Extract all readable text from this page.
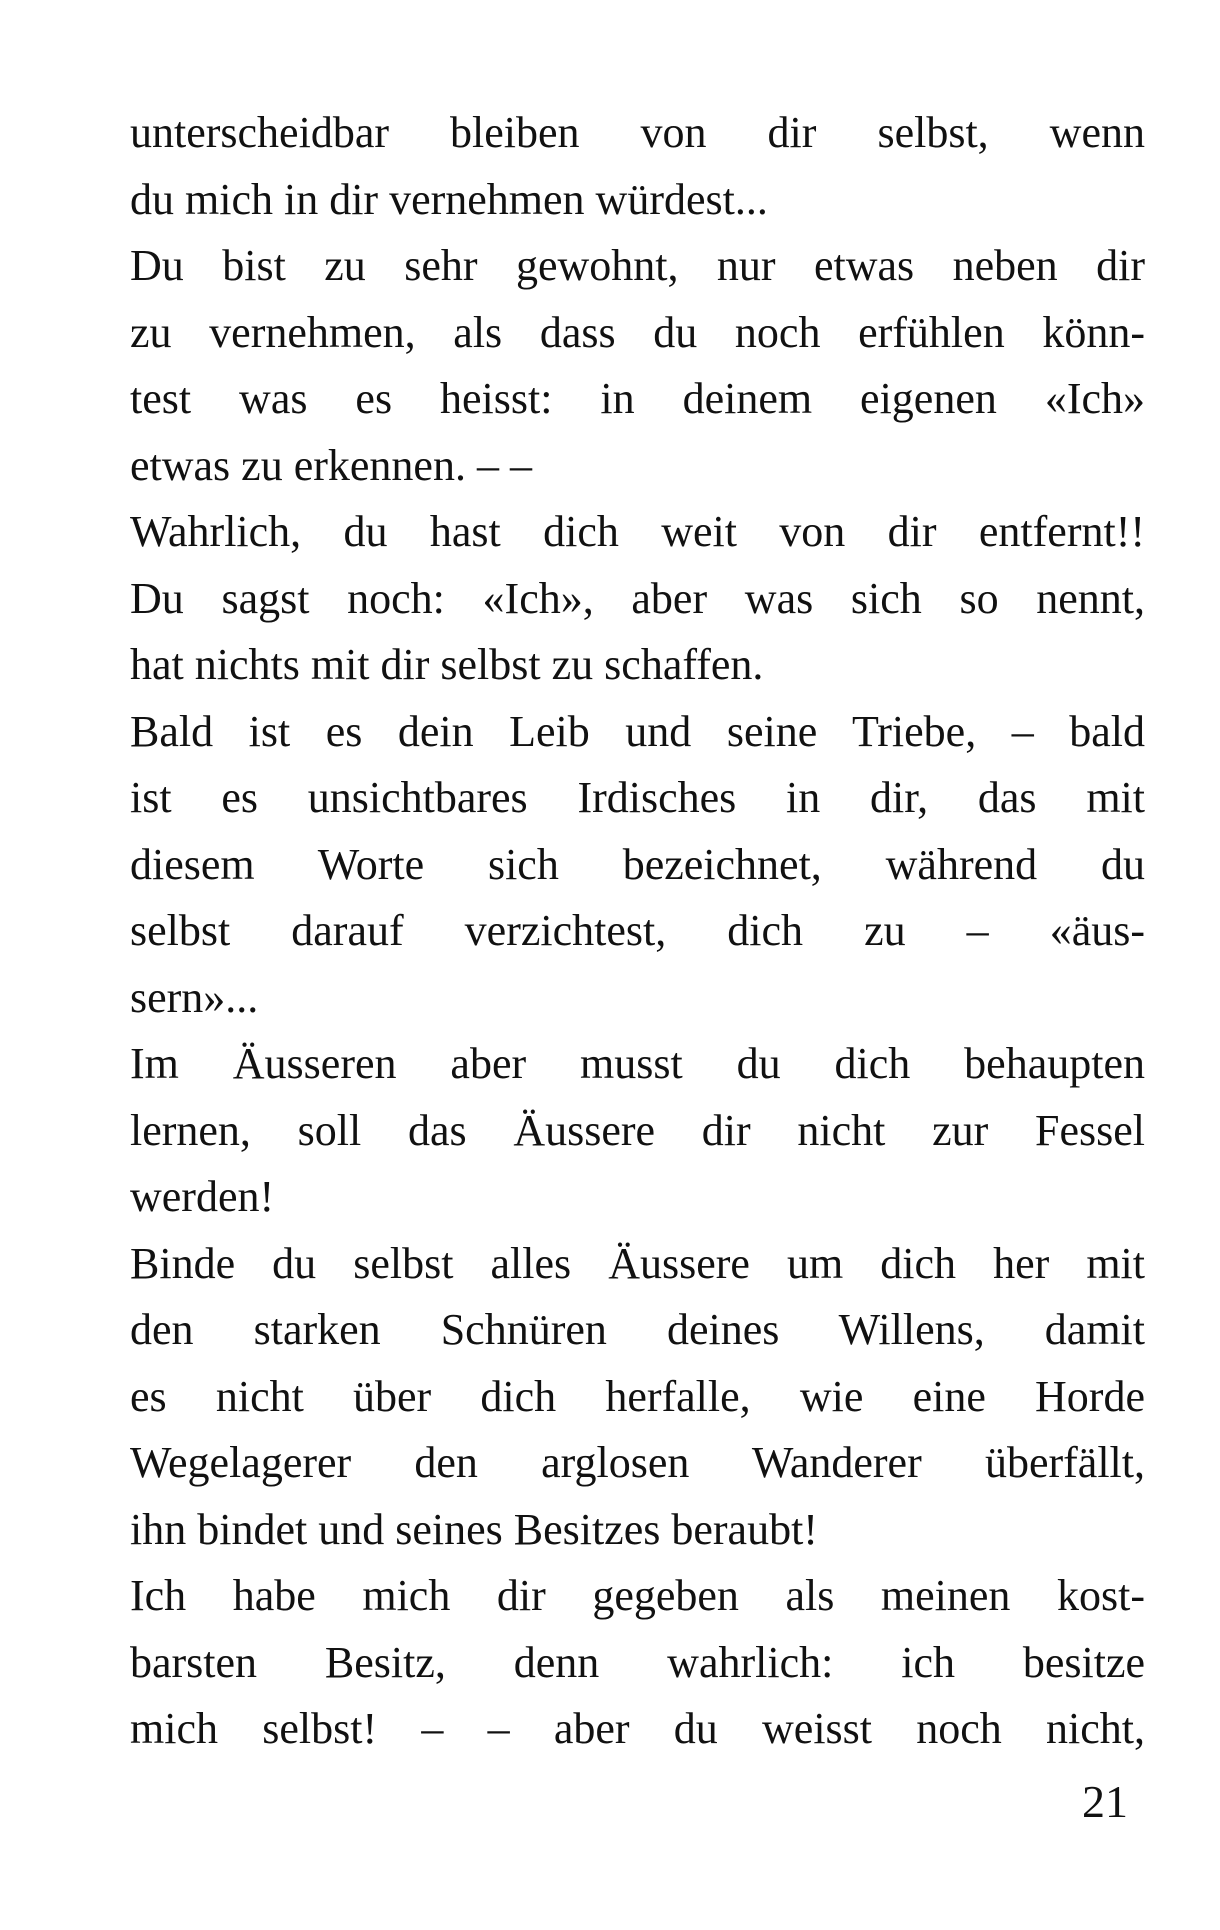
unterscheidbar bleiben von dir selbst, wenn
du mich in dir vernehmen würdest...
Du bist zu sehr gewohnt, nur etwas neben dir
zu vernehmen, als dass du noch erfühlen könn-
test was es heisst: in deinem eigenen «Ich»
etwas zu erkennen. – –
Wahrlich, du hast dich weit von dir entfernt!!
Du sagst noch: «Ich», aber was sich so nennt,
hat nichts mit dir selbst zu schaffen.
Bald ist es dein Leib und seine Triebe, – bald
ist es unsichtbares Irdisches in dir, das mit
diesem Worte sich bezeichnet, während du
selbst darauf verzichtest, dich zu – «äus-
sern»...
Im Äusseren aber musst du dich behaupten
lernen, soll das Äussere dir nicht zur Fessel
werden!
Binde du selbst alles Äussere um dich her mit
den starken Schnüren deines Willens, damit
es nicht über dich herfalle, wie eine Horde
Wegelagerer den arglosen Wanderer überfällt,
ihn bindet und seines Besitzes beraubt!
Ich habe mich dir gegeben als meinen kost-
barsten Besitz, denn wahrlich: ich besitze
mich selbst! – – aber du weisst noch nicht,
21
